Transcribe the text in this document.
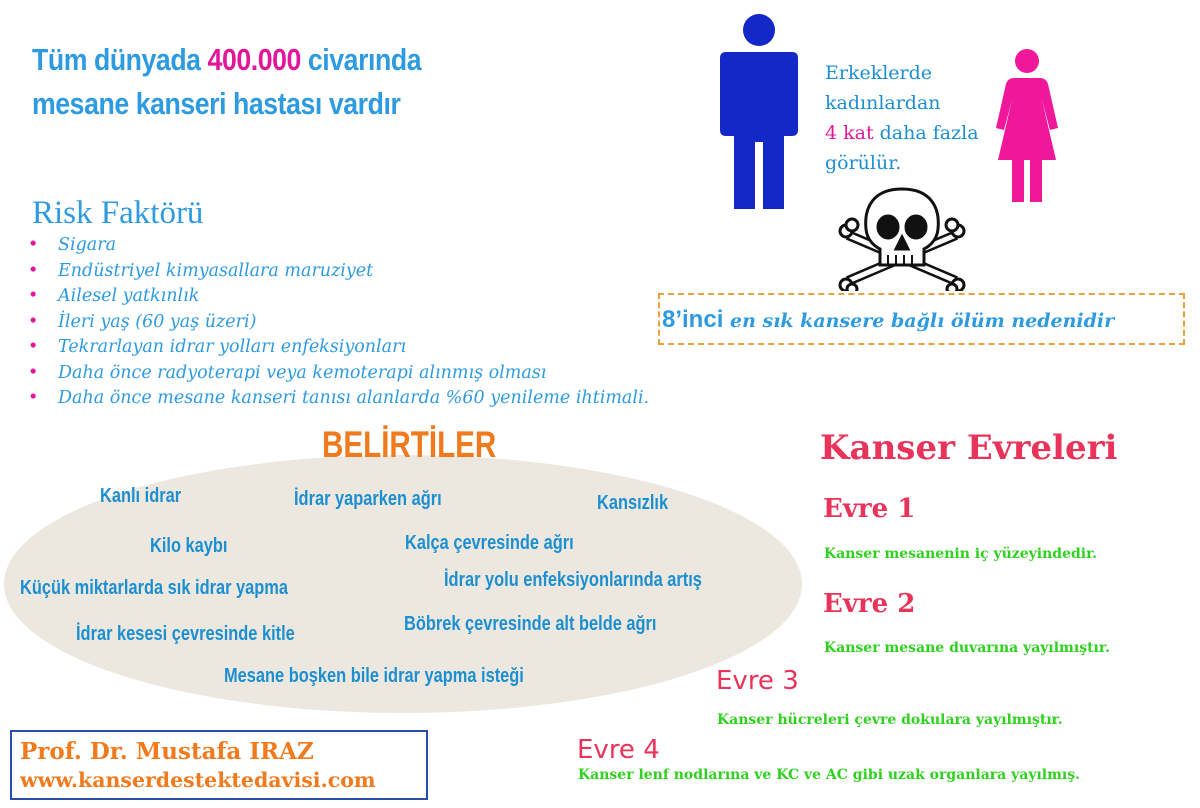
Tüm dünyada 400.000 civarında
mesane kanseri hastası vardır
Erkeklerde
kadınlardan
4 kat daha fazla
görülür.
Risk Faktörü
• Sigara
• Endüstriyel kimyasallara maruziyet
• Ailesel yatkınlık
• İleri yaş (60 yaş üzeri)
• Tekrarlayan idrar yolları enfeksiyonları
• Daha önce radyoterapi veya kemoterapi alınmış olması
• Daha önce mesane kanseri tanısı alanlarda %60 yenileme ihtimali.
8’inci en sık kansere bağlı ölüm nedenidir
BELİRTİLER
Kanlı idrar	İdrar yaparken ağrı	Kansızlık
Kilo kaybı	Kalça çevresinde ağrı
Küçük miktarlarda sık idrar yapma	İdrar yolu enfeksiyonlarında artış
İdrar kesesi çevresinde kitle	Böbrek çevresinde alt belde ağrı
Mesane boşken bile idrar yapma isteği
Kanser Evreleri
Evre 1
Kanser mesanenin iç yüzeyindedir.
Evre 2
Kanser mesane duvarına yayılmıştır.
Evre 3
Kanser hücreleri çevre dokulara yayılmıştır.
Evre 4
Kanser lenf nodlarına ve KC ve AC gibi uzak organlara yayılmış.
Prof. Dr. Mustafa IRAZ
www.kanserdestektedavisi.com
